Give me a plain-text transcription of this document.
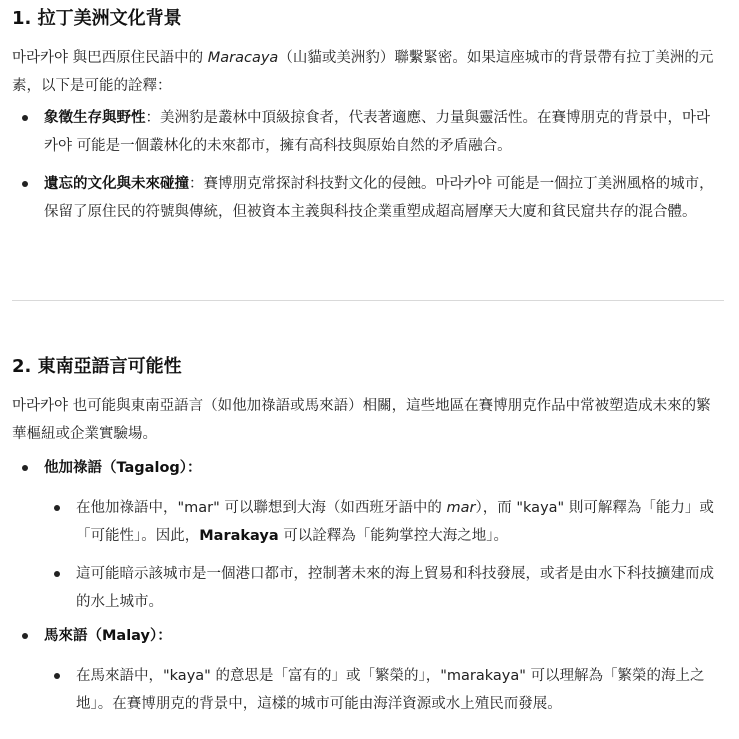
1. 拉丁美洲文化背景

마라카야 與巴西原住民語中的 Maracaya（山貓或美洲豹）聯繫緊密。如果這座城市的背景帶有拉丁美洲的元素，以下是可能的詮釋：

象徵生存與野性：美洲豹是叢林中頂級掠食者，代表著適應、力量與靈活性。在賽博朋克的背景中，마라카야 可能是一個叢林化的未來都市，擁有高科技與原始自然的矛盾融合。
遺忘的文化與未來碰撞：賽博朋克常探討科技對文化的侵蝕。마라카야 可能是一個拉丁美洲風格的城市，保留了原住民的符號與傳統，但被資本主義與科技企業重塑成超高層摩天大廈和貧民窟共存的混合體。
2. 東南亞語言可能性

마라카야 也可能與東南亞語言（如他加祿語或馬來語）相關，這些地區在賽博朋克作品中常被塑造成未來的繁華樞紐或企業實驗場。

他加祿語（Tagalog）：
在他加祿語中，"mar" 可以聯想到大海（如西班牙語中的 mar），而 "kaya" 則可解釋為「能力」或「可能性」。因此，Marakaya 可以詮釋為「能夠掌控大海之地」。
這可能暗示該城市是一個港口都市，控制著未來的海上貿易和科技發展，或者是由水下科技擴建而成的水上城市。
馬來語（Malay）：
在馬來語中，"kaya" 的意思是「富有的」或「繁榮的」，"marakaya" 可以理解為「繁榮的海上之地」。在賽博朋克的背景中，這樣的城市可能由海洋資源或水上殖民而發展。
